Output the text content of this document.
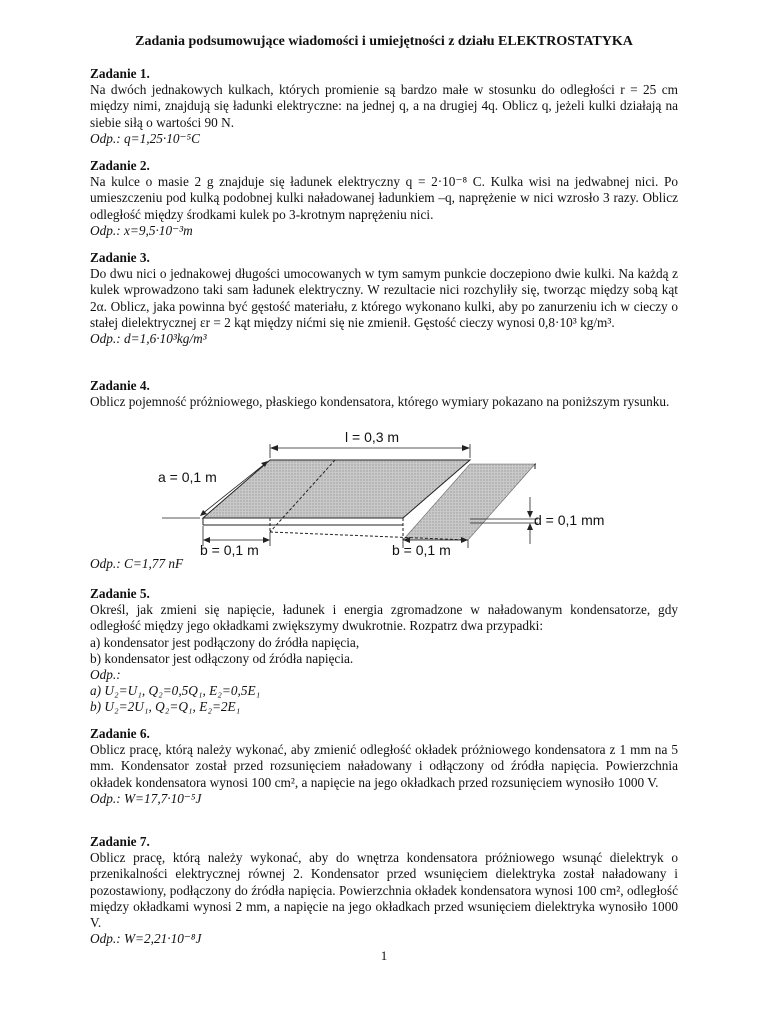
Zadania podsumowujące wiadomości i umiejętności z działu ELEKTROSTATYKA
Zadanie 1.

Na dwóch jednakowych kulkach, których promienie są bardzo małe w stosunku do odległości r = 25 cm między nimi, znajdują się ładunki elektryczne: na jednej q, a na drugiej 4q. Oblicz q, jeżeli kulki działają na siebie siłą o wartości 90 N.

Odp.: q=1,25·10⁻⁵C

Zadanie 2.

Na kulce o masie 2 g znajduje się ładunek elektryczny q = 2·10⁻⁸ C. Kulka wisi na jedwabnej nici. Po umieszczeniu pod kulką podobnej kulki naładowanej ładunkiem –q, naprężenie w nici wzrosło 3 razy. Oblicz odległość między środkami kulek po 3-krotnym naprężeniu nici.

Odp.: x=9,5·10⁻³m

Zadanie 3.

Do dwu nici o jednakowej długości umocowanych w tym samym punkcie doczepiono dwie kulki. Na każdą z kulek wprowadzono taki sam ładunek elektryczny. W rezultacie nici rozchyliły się, tworząc między sobą kąt 2α. Oblicz, jaka powinna być gęstość materiału, z którego wykonano kulki, aby po zanurzeniu ich w cieczy o stałej dielektrycznej εr = 2 kąt między nićmi się nie zmienił. Gęstość cieczy wynosi 0,8·10³ kg/m³.

Odp.: d=1,6·10³kg/m³

Zadanie 4.

Oblicz pojemność próżniowego, płaskiego kondensatora, którego wymiary pokazano na poniższym rysunku.

l = 0,3 m
a = 0,1 m
b = 0,1 m	b = 0,1 m
d = 0,1 mm

Odp.: C=1,77 nF

Zadanie 5.

Określ, jak zmieni się napięcie, ładunek i energia zgromadzone w naładowanym kondensatorze, gdy odległość między jego okładkami zwiększymy dwukrotnie. Rozpatrz dwa przypadki:

a) kondensator jest podłączony do źródła napięcia,

b) kondensator jest odłączony od źródła napięcia.

Odp.:

a) U₂=U₁, Q₂=0,5Q₁, E₂=0,5E₁

b) U₂=2U₁, Q₂=Q₁, E₂=2E₁

Zadanie 6.

Oblicz pracę, którą należy wykonać, aby zmienić odległość okładek próżniowego kondensatora z 1 mm na 5 mm. Kondensator został przed rozsunięciem naładowany i odłączony od źródła napięcia. Powierzchnia okładek kondensatora wynosi 100 cm², a napięcie na jego okładkach przed rozsunięciem wynosiło 1000 V.

Odp.: W=17,7·10⁻⁵J

Zadanie 7.

Oblicz pracę, którą należy wykonać, aby do wnętrza kondensatora próżniowego wsunąć dielektryk o przenikalności elektrycznej równej 2. Kondensator przed wsunięciem dielektryka został naładowany i pozostawiony, podłączony do źródła napięcia. Powierzchnia okładek kondensatora wynosi 100 cm², odległość między okładkami wynosi 2 mm, a napięcie na jego okładkach przed wsunięciem dielektryka wynosiło 1000 V.

Odp.: W=2,21·10⁻⁸J

1
